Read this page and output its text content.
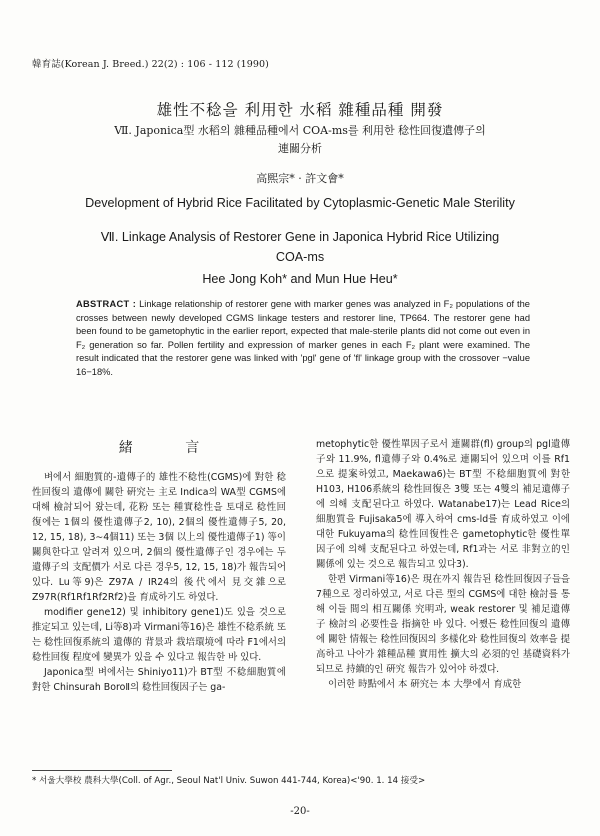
韓育誌(Korean J. Breed.) 22(2) : 106 - 112 (1990)
雄性不稔을 利用한 水稻 雜種品種 開發
Ⅶ. Japonica型 水稻의 雜種品種에서 COA-ms를 利用한 稔性回復遺傳子의
連關分析
高熙宗* · 許文會*
Development of Hybrid Rice Facilitated by Cytoplasmic-Genetic Male Sterility
Ⅶ. Linkage Analysis of Restorer Gene in Japonica Hybrid Rice Utilizing
COA-ms
Hee Jong Koh* and Mun Hue Heu*
ABSTRACT : Linkage relationship of restorer gene with marker genes was analyzed in F₂ populations of the crosses between newly developed CGMS linkage testers and restorer line, TP664. The restorer gene had been found to be gametophytic in the earlier report, expected that male-sterile plants did not come out even in F₂ generation so far. Pollen fertility and expression of marker genes in each F₂ plant were examined. The result indicated that the restorer gene was linked with 'pgl' gene of 'fl' linkage group with the crossover −value 16−18%.
緒 言

벼에서 細胞質的-遺傳子的 雄性不稔性(CGMS)에 對한 稔性回復의 遺傳에 關한 硏究는 主로 Indica의 WA型 CGMS에 대해 檢討되어 왔는데, 花粉 또는 種實稔性을 토대로 稔性回復에는 1個의 優性遺傳子2, 10), 2個의 優性遺傳子5, 20, 12, 15, 18), 3∼4個11) 또는 3個 以上의 優性遺傳子1) 等이 關與한다고 알려져 있으며, 2個의 優性遺傳子인 경우에는 두 遺傳子의 支配價가 서로 다른 경우5, 12, 15, 18)가 報告되어 있다. Lu等9)은 Z97A / IR24의 後代에서 見交雜으로 Z97R(Rf1Rf1Rf2Rf2)을 育成하기도 하였다.

modifier gene12) 및 inhibitory gene1)도 있을 것으로 推定되고 있는데, Li等8)과 Virmani等16)은 雄性不稔系統 또는 稔性回復系統의 遺傳的 背景과 栽培環境에 따라 F1에서의 稔性回復 程度에 變異가 있을 수 있다고 報告한 바 있다.

Japonica型 벼에서는 Shiniyo11)가 BT型 不稔細胞質에 對한 Chinsurah BoroⅡ의 稔性回復因子는 ga-

metophytic한 優性單因子로서 連關群(fl) group의 pgl遺傳子와 11.9%, fl遺傳子와 0.4%로 連關되어 있으며 이를 Rf1으로 提案하였고, Maekawa6)는 BT型 不稔細胞質에 對한 H103, H106系統의 稔性回復은 3雙 또는 4雙의 補足遺傳子에 의해 支配된다고 하였다. Watanabe17)는 Lead Rice의 細胞質을 Fujisaka5에 導入하여 cms-ld를 育成하였고 이에 대한 Fukuyama의 稔性回復性은 gametophytic한 優性單因子에 의해 支配된다고 하였는데, Rf1과는 서로 非對立的인 關係에 있는 것으로 報告되고 있다3).

한편 Virmani等16)은 現在까지 報告된 稔性回復因子들을 7種으로 정리하였고, 서로 다른 型의 CGMS에 대한 檢討를 통해 이들 間의 相互關係 究明과, weak restorer 및 補足遺傳子 檢討의 必要性을 指摘한 바 있다. 어쨌든 稔性回復의 遺傳에 關한 情報는 稔性回復因의 多樣化와 稔性回復의 效率을 提高하고 나아가 雜種品種 實用性 擴大의 必須的인 基礎資料가 되므로 持續的인 硏究 報告가 있어야 하겠다.

이러한 時點에서 本 硏究는 本 大學에서 育成한

* 서울大學校 農科大學(Coll. of Agr., Seoul Nat'l Univ. Suwon 441-744, Korea)<'90. 1. 14 接受>
-20-
